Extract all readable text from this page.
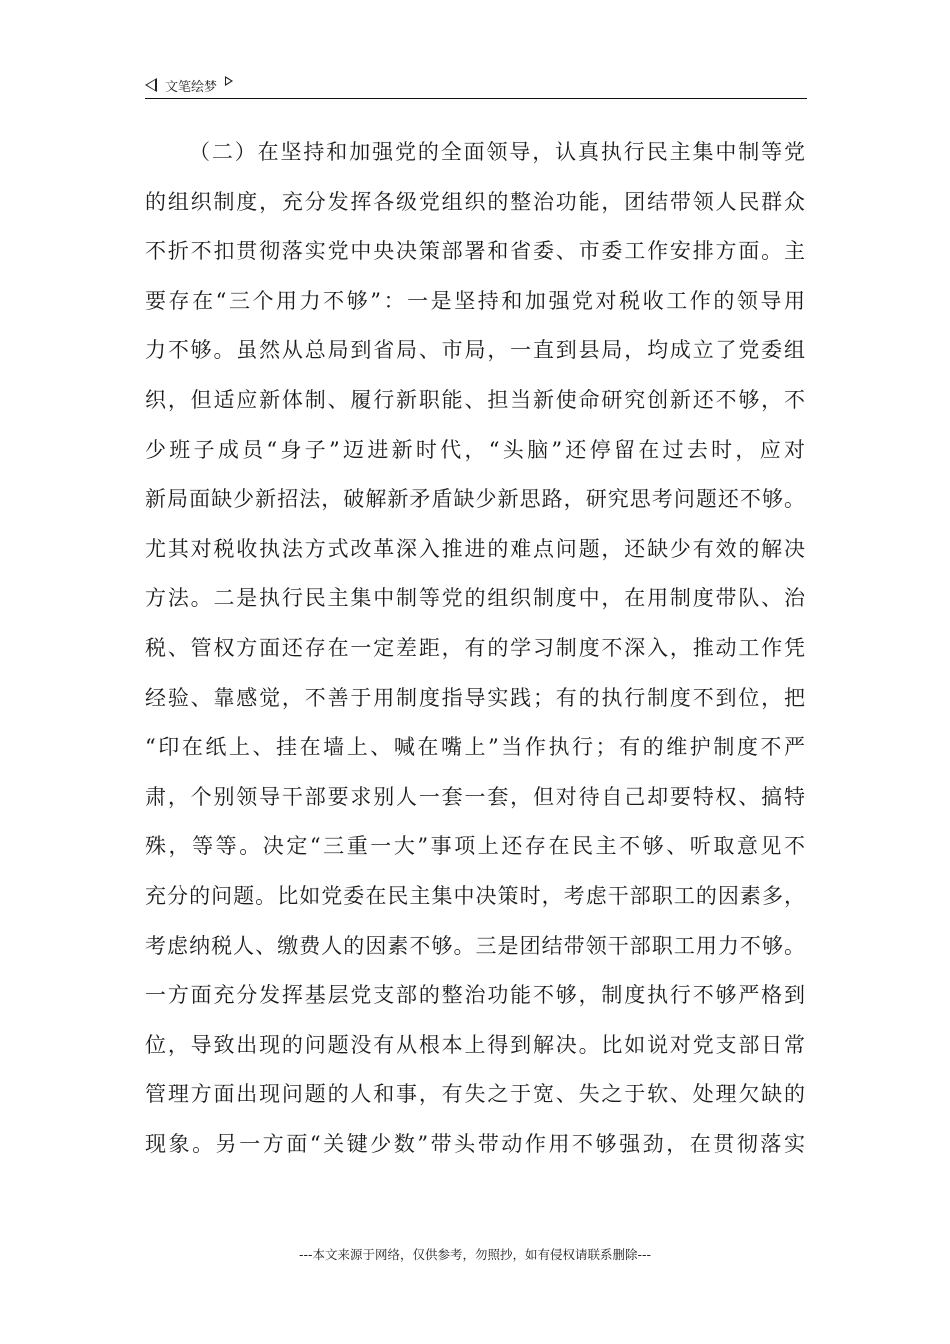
文笔绘梦
（二）在坚持和加强党的全面领导，认真执行民主集中制等党
的组织制度，充分发挥各级党组织的整治功能，团结带领人民群众
不折不扣贯彻落实党中央决策部署和省委、市委工作安排方面。主
要存在“三个用力不够”：一是坚持和加强党对税收工作的领导用
力不够。虽然从总局到省局、市局，一直到县局，均成立了党委组
织，但适应新体制、履行新职能、担当新使命研究创新还不够，不
少班子成员“身子”迈进新时代，“头脑”还停留在过去时，应对
新局面缺少新招法，破解新矛盾缺少新思路，研究思考问题还不够。
尤其对税收执法方式改革深入推进的难点问题，还缺少有效的解决
方法。二是执行民主集中制等党的组织制度中，在用制度带队、治
税、管权方面还存在一定差距，有的学习制度不深入，推动工作凭
经验、靠感觉，不善于用制度指导实践；有的执行制度不到位，把
“印在纸上、挂在墙上、喊在嘴上”当作执行；有的维护制度不严
肃，个别领导干部要求别人一套一套，但对待自己却要特权、搞特
殊，等等。决定“三重一大”事项上还存在民主不够、听取意见不
充分的问题。比如党委在民主集中决策时，考虑干部职工的因素多，
考虑纳税人、缴费人的因素不够。三是团结带领干部职工用力不够。
一方面充分发挥基层党支部的整治功能不够，制度执行不够严格到
位，导致出现的问题没有从根本上得到解决。比如说对党支部日常
管理方面出现问题的人和事，有失之于宽、失之于软、处理欠缺的
现象。另一方面“关键少数”带头带动作用不够强劲，在贯彻落实
---本文来源于网络，仅供参考，勿照抄，如有侵权请联系删除---
